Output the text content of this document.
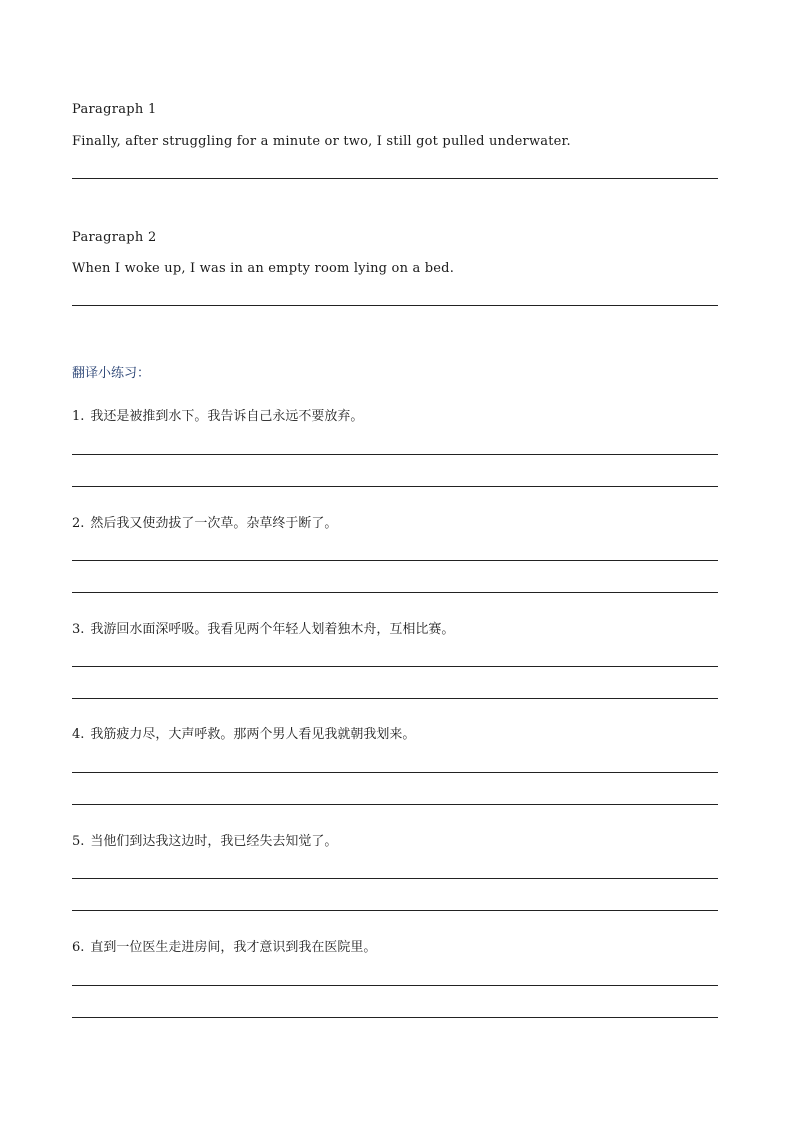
Paragraph 1
Finally, after struggling for a minute or two, I still got pulled underwater.
Paragraph 2
When I woke up, I was in an empty room lying on a bed.
翻译小练习：
1. 我还是被推到水下。我告诉自己永远不要放弃。
2. 然后我又使劲拔了一次草。杂草终于断了。
3. 我游回水面深呼吸。我看见两个年轻人划着独木舟，互相比赛。
4. 我筋疲力尽，大声呼救。那两个男人看见我就朝我划来。
5. 当他们到达我这边时，我已经失去知觉了。
6. 直到一位医生走进房间，我才意识到我在医院里。
